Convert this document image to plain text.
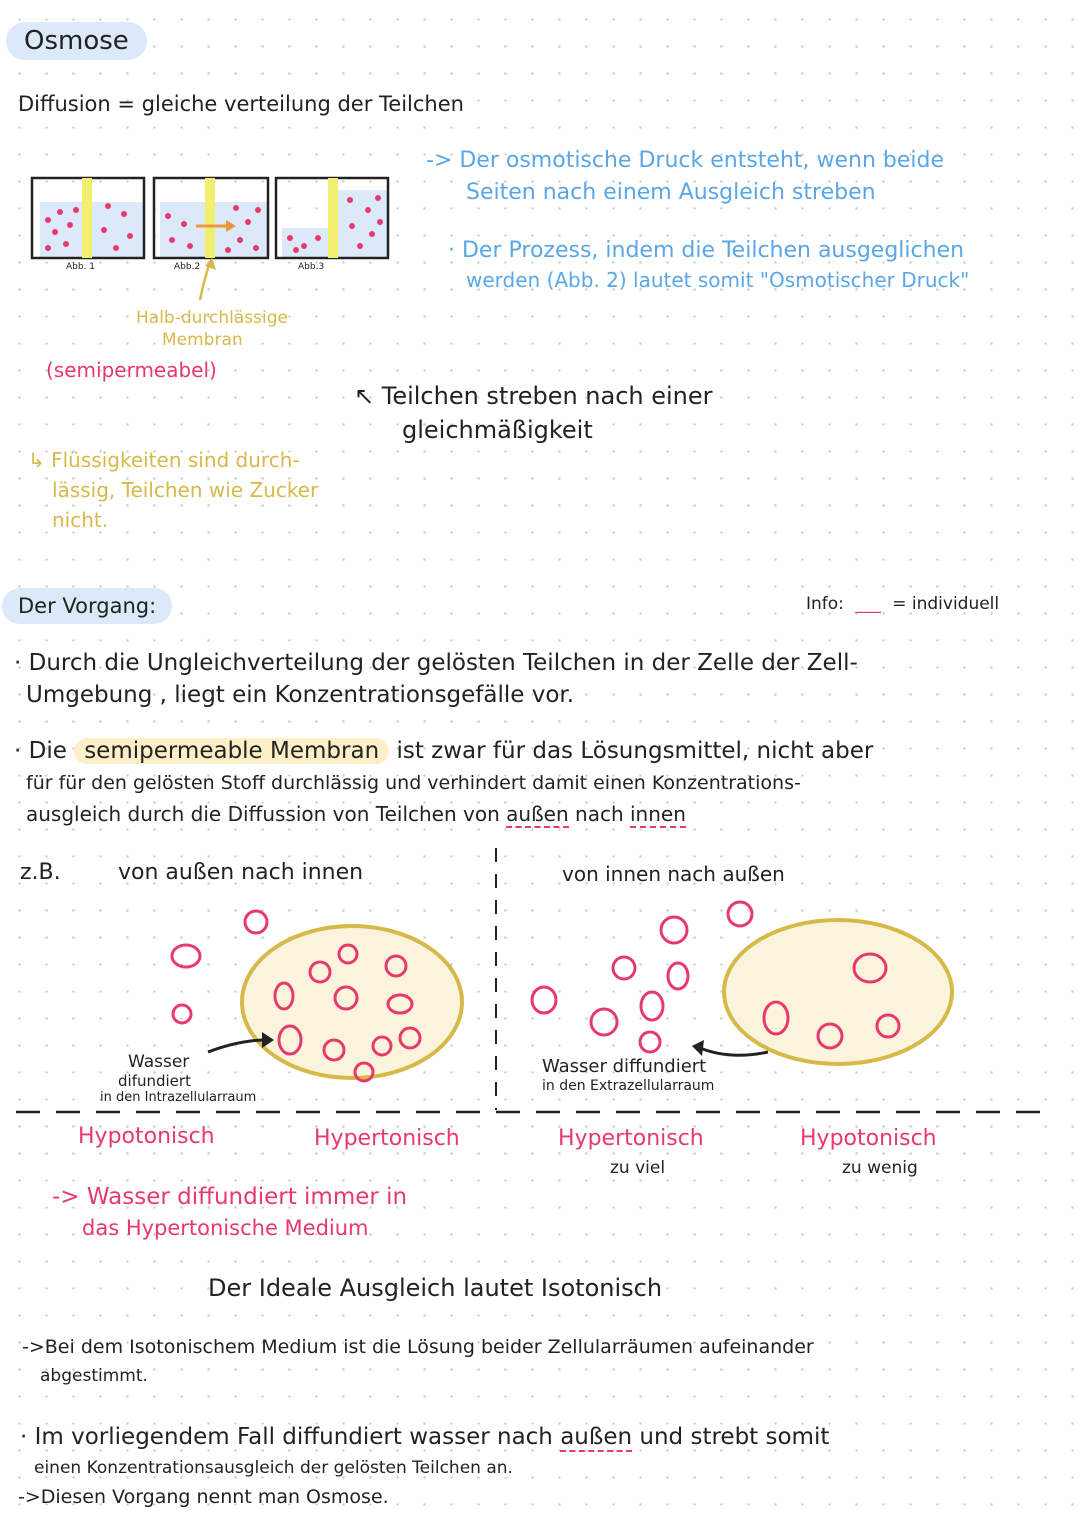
Osmose
Diffusion = gleiche verteilung der Teilchen
Abb. 1	Abb.2	Abb.3
Halb-durchlässige
Membran
(semipermeabel)
-> Der osmotische Druck entsteht, wenn beide
Seiten nach einem Ausgleich streben
· Der Prozess, indem die Teilchen ausgeglichen
werden (Abb. 2) lautet somit "Osmotischer Druck"
↖ Teilchen streben nach einer
gleichmäßigkeit
↳ Flüssigkeiten sind durch-
lässig, Teilchen wie Zucker
nicht.
Der Vorgang:	Info: ___ = individuell
· Durch die Ungleichverteilung der gelösten Teilchen in der Zelle der Zell-
Umgebung , liegt ein Konzentrationsgefälle vor.
· Die semipermeable Membran ist zwar für das Lösungsmittel, nicht aber
für für den gelösten Stoff durchlässig und verhindert damit einen Konzentrations-
ausgleich durch die Diffussion von Teilchen von außen nach innen
z.B.	von außen nach innen	von innen nach außen
Wasser
difundiert
in den Intrazellularraum
Wasser diffundiert
in den Extrazellularraum
Hypotonisch	Hypertonisch	Hypertonisch
zu viel
Hypotonisch
zu wenig
-> Wasser diffundiert immer in
das Hypertonische Medium
Der Ideale Ausgleich lautet Isotonisch
->Bei dem Isotonischem Medium ist die Lösung beider Zellularräumen aufeinander
abgestimmt.
· Im vorliegendem Fall diffundiert wasser nach außen und strebt somit
einen Konzentrationsausgleich der gelösten Teilchen an.
->Diesen Vorgang nennt man Osmose.
